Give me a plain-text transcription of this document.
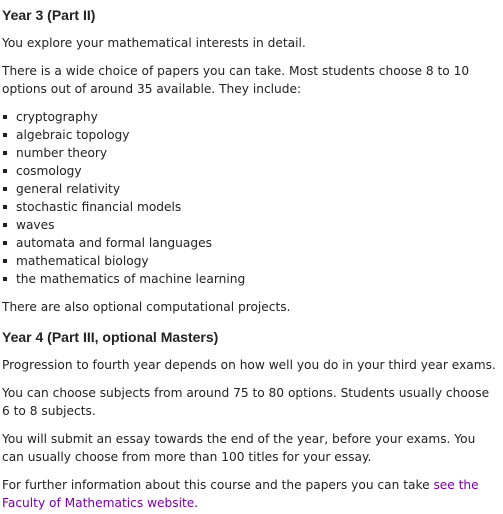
Year 3 (Part II)

You explore your mathematical interests in detail.

There is a wide choice of papers you can take. Most students choose 8 to 10 options out of around 35 available. They include:

cryptography
algebraic topology
number theory
cosmology
general relativity
stochastic financial models
waves
automata and formal languages
mathematical biology
the mathematics of machine learning

There are also optional computational projects.

Year 4 (Part III, optional Masters)

Progression to fourth year depends on how well you do in your third year exams.

You can choose subjects from around 75 to 80 options. Students usually choose 6 to 8 subjects.

You will submit an essay towards the end of the year, before your exams. You can usually choose from more than 100 titles for your essay.

For further information about this course and the papers you can take see the Faculty of Mathematics website.
